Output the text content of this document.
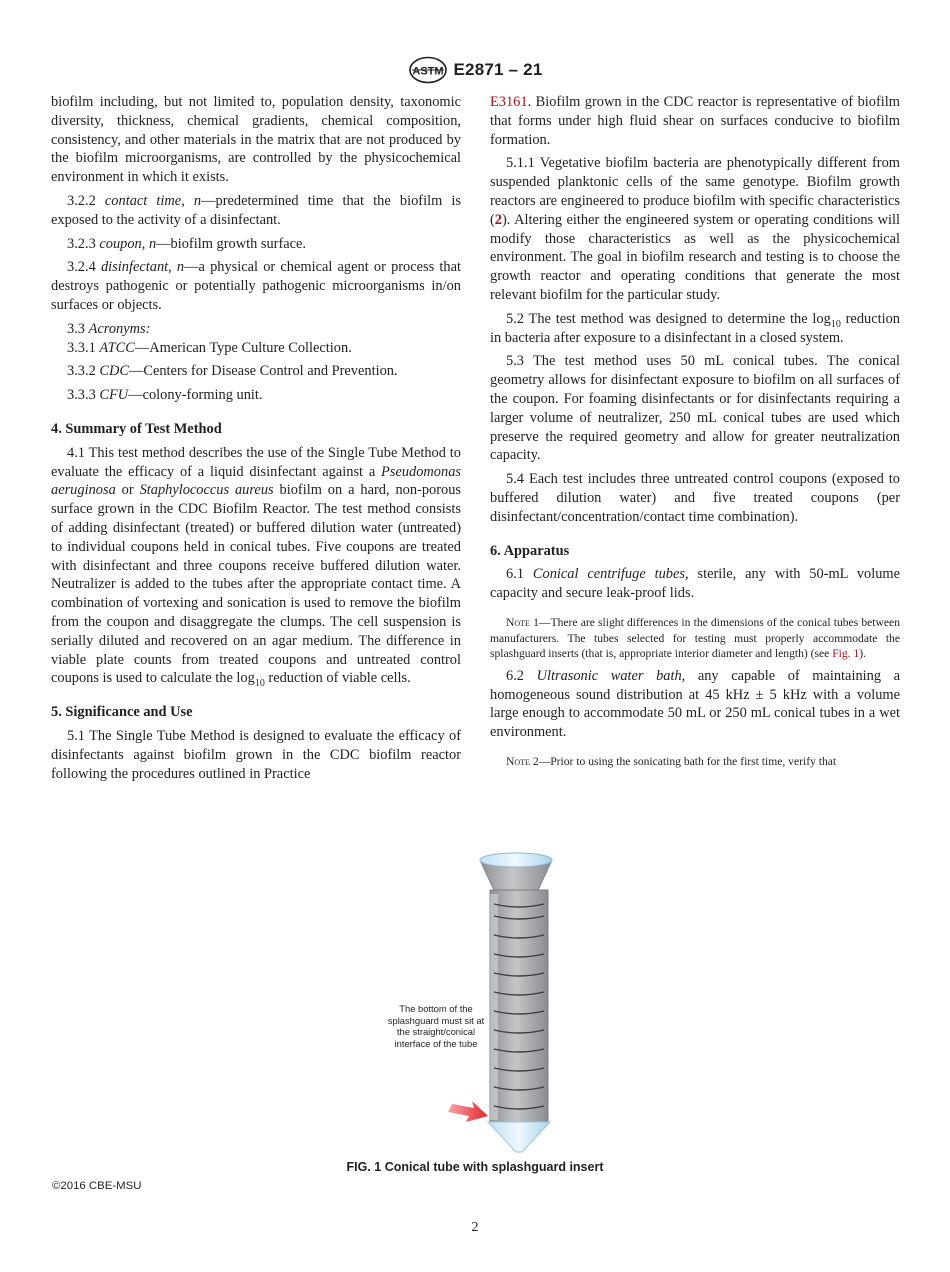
ASTM E2871 – 21

biofilm including, but not limited to, population density, taxonomic diversity, thickness, chemical gradients, chemical composition, consistency, and other materials in the matrix that are not produced by the biofilm microorganisms, are controlled by the physicochemical environment in which it exists.

3.2.2 contact time, n—predetermined time that the biofilm is exposed to the activity of a disinfectant.

3.2.3 coupon, n—biofilm growth surface.

3.2.4 disinfectant, n—a physical or chemical agent or process that destroys pathogenic or potentially pathogenic microorganisms in/on surfaces or objects.

3.3 Acronyms:

3.3.1 ATCC—American Type Culture Collection.

3.3.2 CDC—Centers for Disease Control and Prevention.

3.3.3 CFU—colony-forming unit.

4. Summary of Test Method

4.1 This test method describes the use of the Single Tube Method to evaluate the efficacy of a liquid disinfectant against a Pseudomonas aeruginosa or Staphylococcus aureus biofilm on a hard, non-porous surface grown in the CDC Biofilm Reactor. The test method consists of adding disinfectant (treated) or buffered dilution water (untreated) to individual coupons held in conical tubes. Five coupons are treated with disinfectant and three coupons receive buffered dilution water. Neutralizer is added to the tubes after the appropriate contact time. A combination of vortexing and sonication is used to remove the biofilm from the coupon and disaggregate the clumps. The cell suspension is serially diluted and recovered on an agar medium. The difference in viable plate counts from treated coupons and untreated control coupons is used to calculate the $\log_{10}$ reduction of viable cells.

5. Significance and Use

5.1 The Single Tube Method is designed to evaluate the efficacy of disinfectants against biofilm grown in the CDC biofilm reactor following the procedures outlined in Practice

E3161. Biofilm grown in the CDC reactor is representative of biofilm that forms under high fluid shear on surfaces conducive to biofilm formation.

5.1.1 Vegetative biofilm bacteria are phenotypically different from suspended planktonic cells of the same genotype. Biofilm growth reactors are engineered to produce biofilm with specific characteristics (2). Altering either the engineered system or operating conditions will modify those characteristics as well as the physicochemical environment. The goal in biofilm research and testing is to choose the growth reactor and operating conditions that generate the most relevant biofilm for the particular study.

5.2 The test method was designed to determine the $\log_{10}$ reduction in bacteria after exposure to a disinfectant in a closed system.

5.3 The test method uses 50 mL conical tubes. The conical geometry allows for disinfectant exposure to biofilm on all surfaces of the coupon. For foaming disinfectants or for disinfectants requiring a larger volume of neutralizer, 250 mL conical tubes are used which preserve the required geometry and allow for greater neutralization capacity.

5.4 Each test includes three untreated control coupons (exposed to buffered dilution water) and five treated coupons (per disinfectant/concentration/contact time combination).

6. Apparatus

6.1 Conical centrifuge tubes, sterile, any with 50-mL volume capacity and secure leak-proof lids.

Note 1—There are slight differences in the dimensions of the conical tubes between manufacturers. The tubes selected for testing must properly accommodate the splashguard inserts (that is, appropriate interior diameter and length) (see Fig. 1).

6.2 Ultrasonic water bath, any capable of maintaining a homogeneous sound distribution at 45 kHz ± 5 kHz with a volume large enough to accommodate 50 mL or 250 mL conical tubes in a wet environment.

Note 2—Prior to using the sonicating bath for the first time, verify that

The bottom of the splashguard must sit at the straight/conical interface of the tube
FIG. 1 Conical tube with splashguard insert
©2016 CBE-MSU
2
